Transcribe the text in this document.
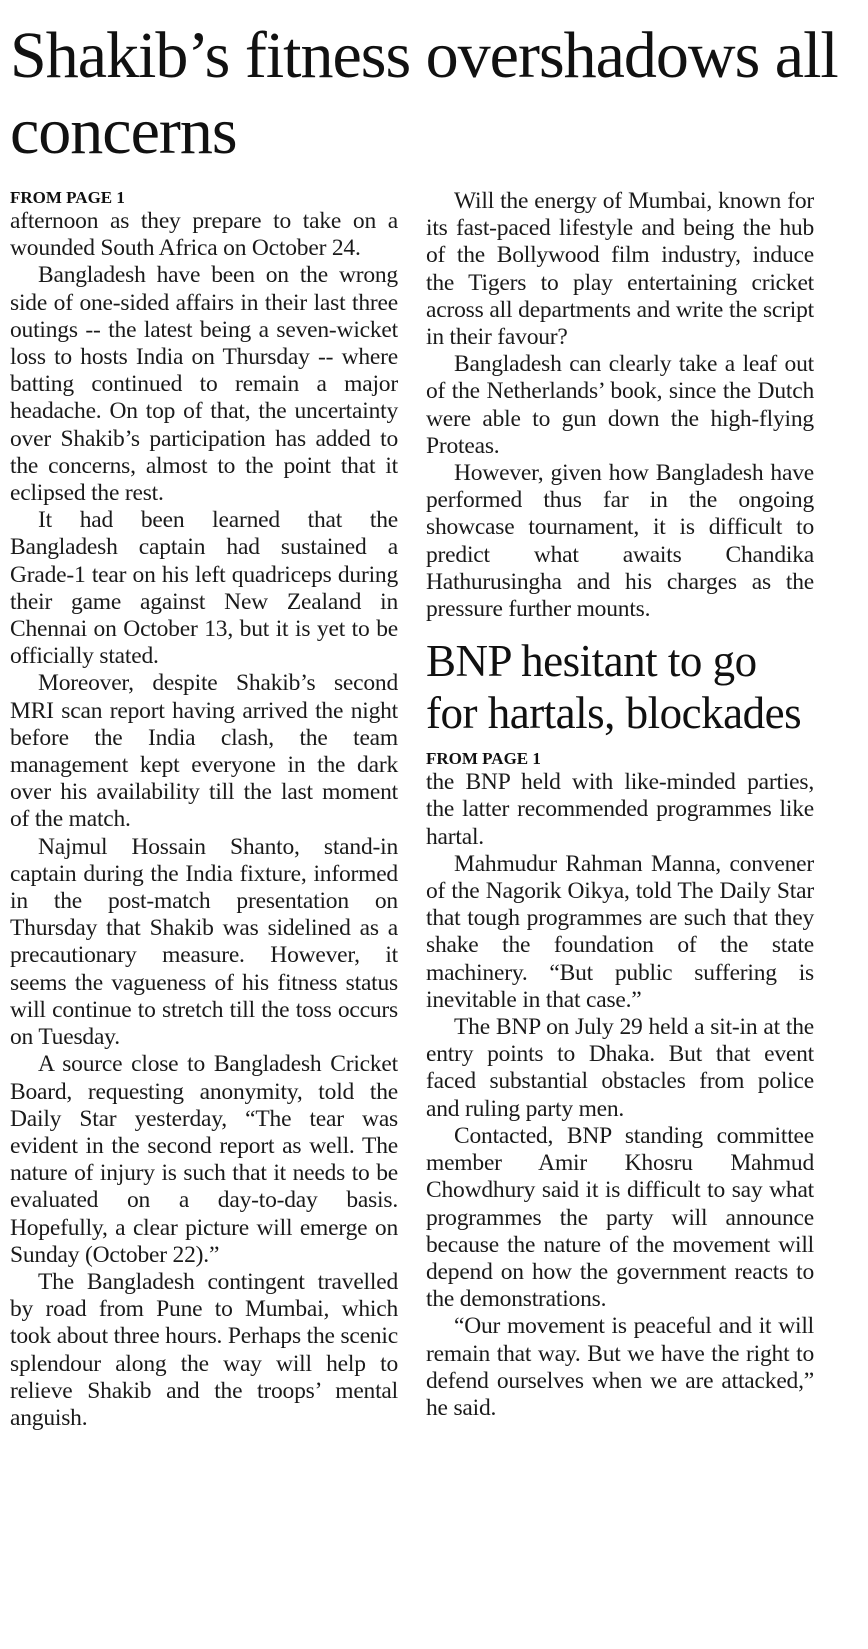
Shakib’s fitness overshadows all concerns

FROM PAGE 1

afternoon as they prepare to take on a wounded South Africa on October 24.

Bangladesh have been on the wrong side of one-sided affairs in their last three outings -- the latest being a seven-wicket loss to hosts India on Thursday -- where batting continued to remain a major headache. On top of that, the uncertainty over Shakib’s participation has added to the concerns, almost to the point that it eclipsed the rest.

It had been learned that the Bangladesh captain had sustained a Grade-1 tear on his left quadriceps during their game against New Zealand in Chennai on October 13, but it is yet to be officially stated.

Moreover, despite Shakib’s second MRI scan report having arrived the night before the India clash, the team management kept everyone in the dark over his availability till the last moment of the match.

Najmul Hossain Shanto, stand-in captain during the India fixture, informed in the post-match presentation on Thursday that Shakib was sidelined as a precautionary measure. However, it seems the vagueness of his fitness status will continue to stretch till the toss occurs on Tuesday.

A source close to Bangladesh Cricket Board, requesting anonymity, told the Daily Star yesterday, “The tear was evident in the second report as well. The nature of injury is such that it needs to be evaluated on a day-to-day basis. Hopefully, a clear picture will emerge on Sunday (October 22).”

The Bangladesh contingent travelled by road from Pune to Mumbai, which took about three hours. Perhaps the scenic splendour along the way will help to relieve Shakib and the troops’ mental anguish.

Will the energy of Mumbai, known for its fast-paced lifestyle and being the hub of the Bollywood film industry, induce the Tigers to play entertaining cricket across all departments and write the script in their favour?

Bangladesh can clearly take a leaf out of the Netherlands’ book, since the Dutch were able to gun down the high-flying Proteas.

However, given how Bangladesh have performed thus far in the ongoing showcase tournament, it is difficult to predict what awaits Chandika Hathurusingha and his charges as the pressure further mounts.

BNP hesitant to go for hartals, blockades

FROM PAGE 1

the BNP held with like-minded parties, the latter recommended programmes like hartal.

Mahmudur Rahman Manna, convener of the Nagorik Oikya, told The Daily Star that tough programmes are such that they shake the foundation of the state machinery. “But public suffering is inevitable in that case.”

The BNP on July 29 held a sit-in at the entry points to Dhaka. But that event faced substantial obstacles from police and ruling party men.

Contacted, BNP standing committee member Amir Khosru Mahmud Chowdhury said it is difficult to say what programmes the party will announce because the nature of the movement will depend on how the government reacts to the demonstrations.

“Our movement is peaceful and it will remain that way. But we have the right to defend ourselves when we are attacked,” he said.
